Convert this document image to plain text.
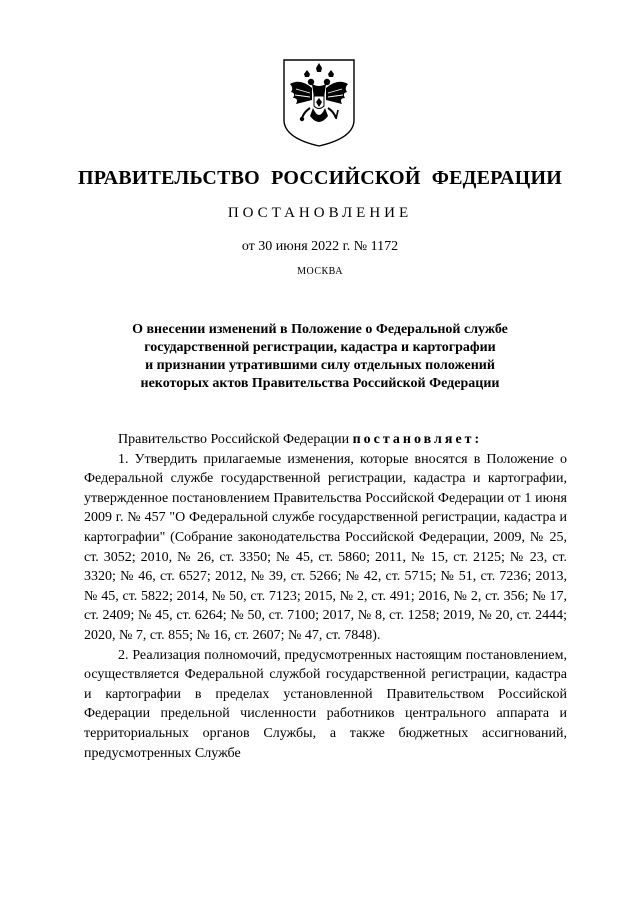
ПРАВИТЕЛЬСТВО РОССИЙСКОЙ ФЕДЕРАЦИИ
ПОСТАНОВЛЕНИЕ
от 30 июня 2022 г. № 1172
МОСКВА
О внесении изменений в Положение о Федеральной службе
государственной регистрации, кадастра и картографии
и признании утратившими силу отдельных положений
некоторых актов Правительства Российской Федерации

Правительство Российской Федерации постановляет:

1. Утвердить прилагаемые изменения, которые вносятся в Положение о Федеральной службе государственной регистрации, кадастра и картографии, утвержденное постановлением Правительства Российской Федерации от 1 июня 2009 г. № 457 "О Федеральной службе государственной регистрации, кадастра и картографии" (Собрание законодательства Российской Федерации, 2009, № 25, ст. 3052; 2010, № 26, ст. 3350; № 45, ст. 5860; 2011, № 15, ст. 2125; № 23, ст. 3320; № 46, ст. 6527; 2012, № 39, ст. 5266; № 42, ст. 5715; № 51, ст. 7236; 2013, № 45, ст. 5822; 2014, № 50, ст. 7123; 2015, № 2, ст. 491; 2016, № 2, ст. 356; № 17, ст. 2409; № 45, ст. 6264; № 50, ст. 7100; 2017, № 8, ст. 1258; 2019, № 20, ст. 2444; 2020, № 7, ст. 855; № 16, ст. 2607; № 47, ст. 7848).

2. Реализация полномочий, предусмотренных настоящим постановлением, осуществляется Федеральной службой государственной регистрации, кадастра и картографии в пределах установленной Правительством Российской Федерации предельной численности работников центрального аппарата и территориальных органов Службы, а также бюджетных ассигнований, предусмотренных Службе
